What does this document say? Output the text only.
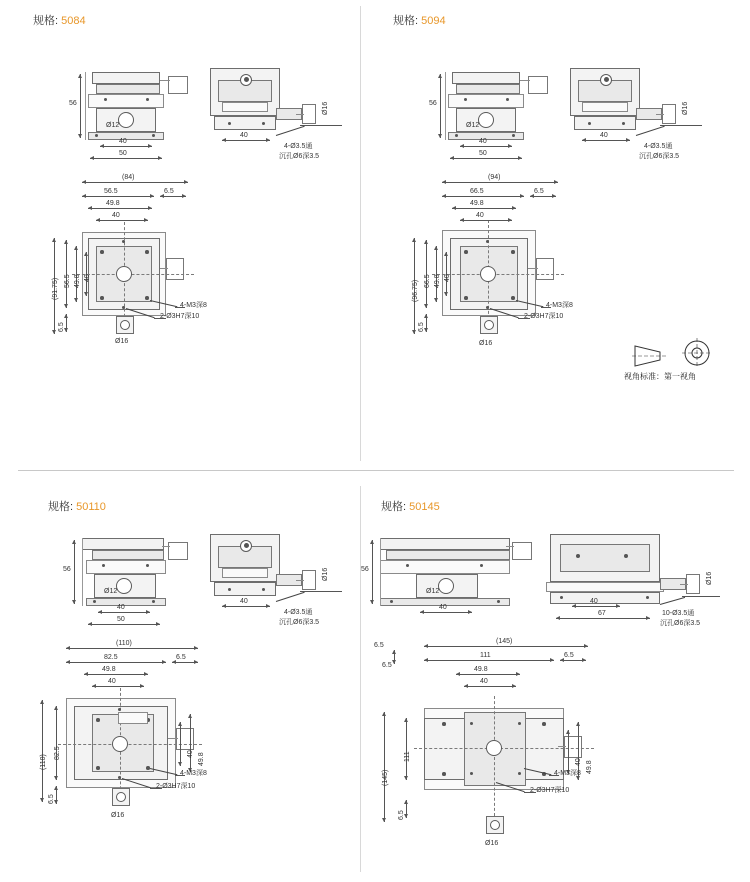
规格: 5084
56
40
50
Ø12
40
Ø16
4-Ø3.5通
沉孔Ø6深3.5
Ø16
(84)
56.5	6.5
49.8
40
(91.75) 56.5 49.8 40
6.5
4-M3深8
2-Ø3H7深10
规格: 5094
56
40
50
Ø12
40
Ø16
4-Ø3.5通
沉孔Ø6深3.5
Ø16
(94)
66.5	6.5
49.8
40
(96.75) 66.5 49.8 40
6.5
4-M3深8
2-Ø3H7深10
视角标准：第一视角
规格: 50110
56
40
50
Ø12
40
Ø16
4-Ø3.5通
沉孔Ø6深3.5
Ø16
(110)
82.5	6.5
49.8
40
(110)
82.5	49.8
40
6.5
4-M3深8
2-Ø3H7深10
规格: 50145
56
40
Ø12
40
67
Ø16
10-Ø3.5通
沉孔Ø6深3.5
Ø16
(145)
111	6.5
49.8
40
6.5
6.5
(145)
111
49.8
40
6.5
4-M3深8
2-Ø3H7深10
